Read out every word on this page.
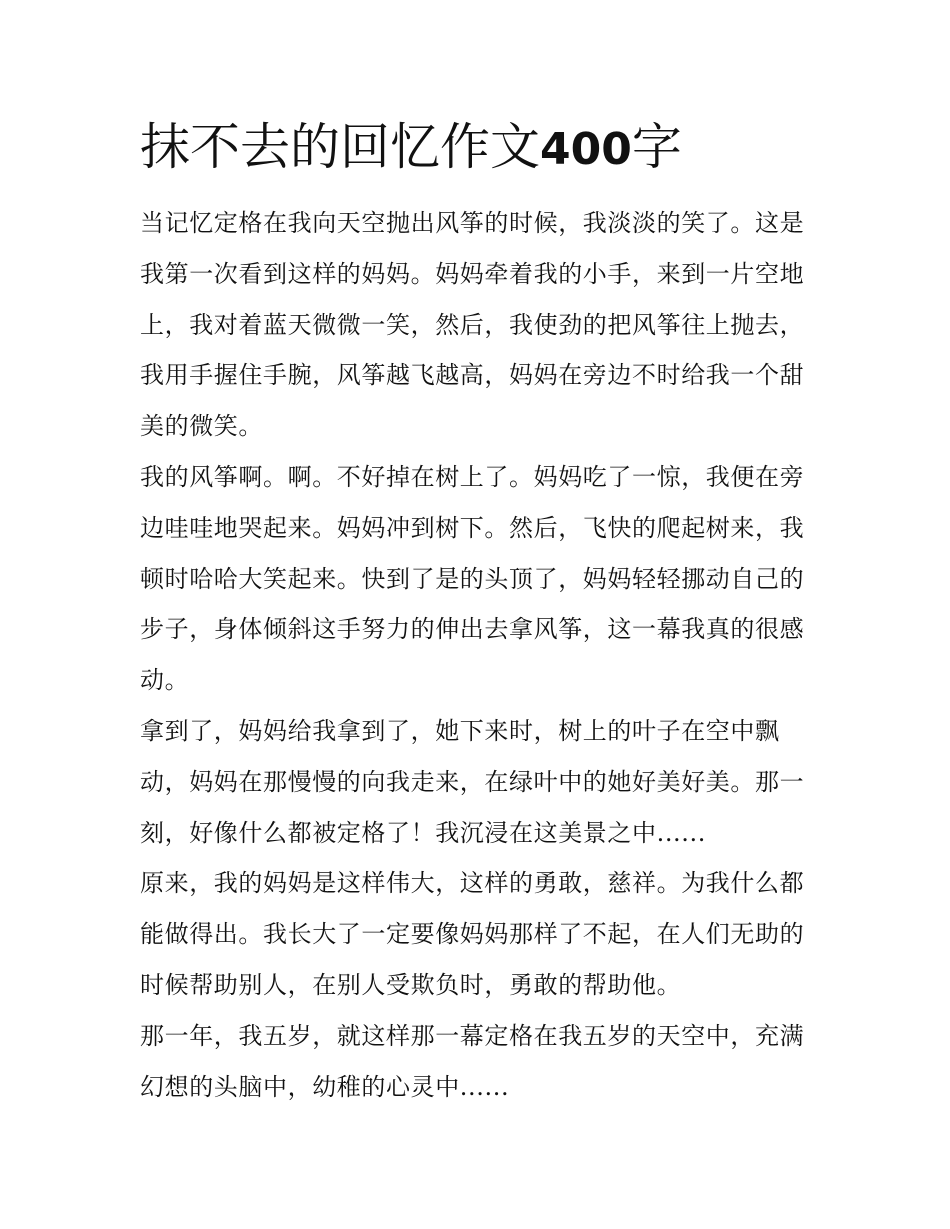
抹不去的回忆作文400字
当记忆定格在我向天空抛出风筝的时候，我淡淡的笑了。这是
我第一次看到这样的妈妈。妈妈牵着我的小手，来到一片空地
上，我对着蓝天微微一笑，然后，我使劲的把风筝往上抛去，
我用手握住手腕，风筝越飞越高，妈妈在旁边不时给我一个甜
美的微笑。
我的风筝啊。啊。不好掉在树上了。妈妈吃了一惊，我便在旁
边哇哇地哭起来。妈妈冲到树下。然后，飞快的爬起树来，我
顿时哈哈大笑起来。快到了是的头顶了，妈妈轻轻挪动自己的
步子，身体倾斜这手努力的伸出去拿风筝，这一幕我真的很感
动。
拿到了，妈妈给我拿到了，她下来时，树上的叶子在空中飘
动，妈妈在那慢慢的向我走来，在绿叶中的她好美好美。那一
刻，好像什么都被定格了！我沉浸在这美景之中......
原来，我的妈妈是这样伟大，这样的勇敢，慈祥。为我什么都
能做得出。我长大了一定要像妈妈那样了不起，在人们无助的
时候帮助别人，在别人受欺负时，勇敢的帮助他。
那一年，我五岁，就这样那一幕定格在我五岁的天空中，充满
幻想的头脑中，幼稚的心灵中......
